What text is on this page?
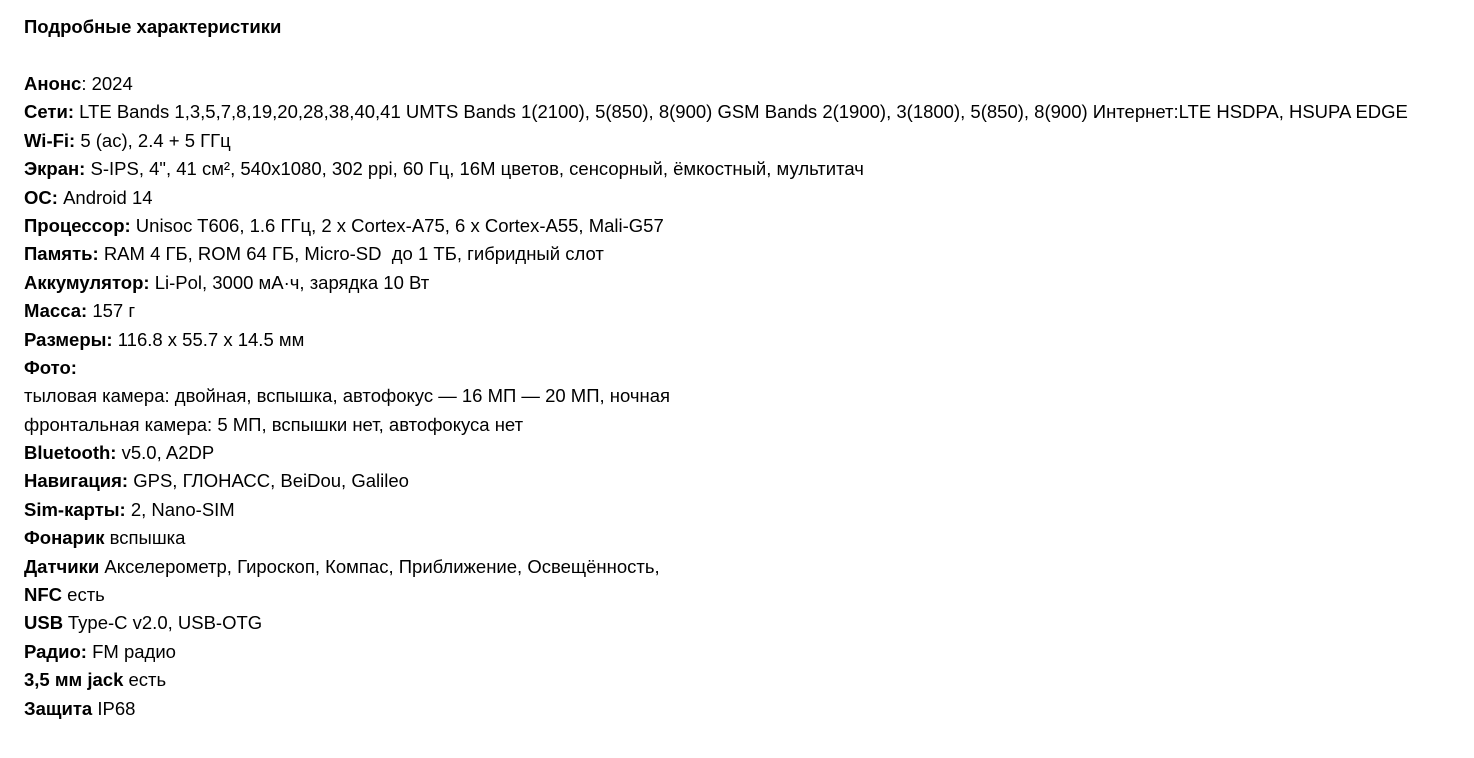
Подробные характеристики
Анонс: 2024
Сети: LTE Bands 1,3,5,7,8,19,20,28,38,40,41 UMTS Bands 1(2100), 5(850), 8(900) GSM Bands 2(1900), 3(1800), 5(850), 8(900) Интернет:LTE HSDPA, HSUPA EDGE
Wi-Fi: 5 (ac), 2.4 + 5 ГГц
Экран: S-IPS, 4", 41 см², 540x1080, 302 ppi, 60 Гц, 16M цветов, сенсорный, ёмкостный, мультитач
ОС: Android 14
Процессор: Unisoc T606, 1.6 ГГц, 2 x Cortex-A75, 6 x Cortex-A55, Mali-G57
Память: RAM 4 ГБ, ROM 64 ГБ, Micro-SD  до 1 ТБ, гибридный слот
Аккумулятор: Li-Pol, 3000 мА·ч, зарядка 10 Вт
Масса: 157 г
Размеры: 116.8 x 55.7 x 14.5 мм
Фото:
тыловая камера: двойная, вспышка, автофокус — 16 МП — 20 МП, ночная
фронтальная камера: 5 МП, вспышки нет, автофокуса нет
Bluetooth: v5.0, A2DP
Навигация: GPS, ГЛОНАСС, BeiDou, Galileo
Sim-карты: 2, Nano-SIM
Фонарик вспышка
Датчики Акселерометр, Гироскоп, Компас, Приближение, Освещённость,
NFC есть
USB Type-C v2.0, USB-OTG
Радио: FM радио
3,5 мм jack есть
Защита IP68
